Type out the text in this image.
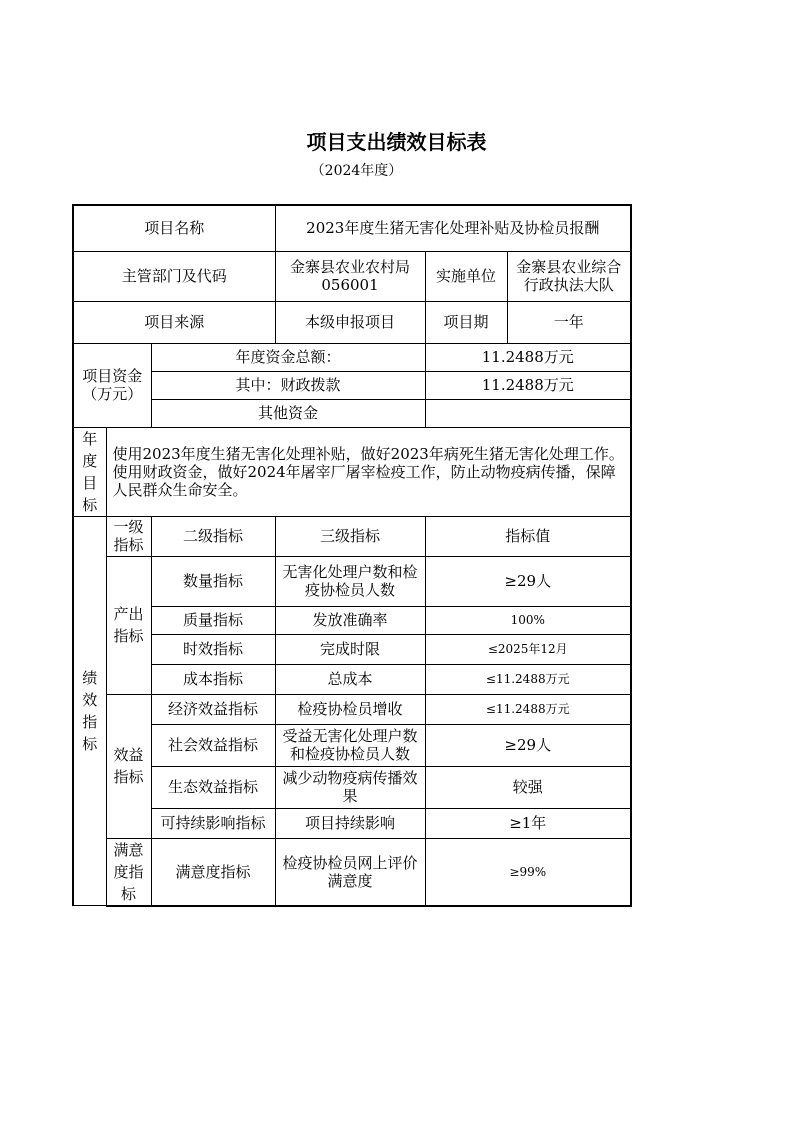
项目支出绩效目标表
（2024年度）
项目名称			2023年度生猪无害化处理补贴及协检员报酬		
主管部门及代码			金寨县农业农村局056001	实施单位	金寨县农业综合行政执法大队
项目来源			本级申报项目	项目期	一年
项目资金
（万元）		年度资金总额：		11.2488万元	
		其中：财政拨款		11.2488万元	
		其他资金			
年度目标	使用2023年度生猪无害化处理补贴，做好2023年病死生猪无害化处理工作。使用财政资金，做好2024年屠宰厂屠宰检疫工作，防止动物疫病传播，保障人民群众生命安全。				
绩效指标	一级指标	二级指标	三级指标	指标值	
	产出指标	数量指标	无害化处理户数和检疫协检员人数	≥29人	
		质量指标	发放准确率	100%	
		时效指标	完成时限	≤2025年12月	
		成本指标	总成本	≤11.2488万元	
	效益指标	经济效益指标	检疫协检员增收	≤11.2488万元	
		社会效益指标	受益无害化处理户数和检疫协检员人数	≥29人	
		生态效益指标	减少动物疫病传播效果	较强	
		可持续影响指标	项目持续影响	≥1年	
	满意度指标	满意度指标	检疫协检员网上评价满意度	≥99%	
